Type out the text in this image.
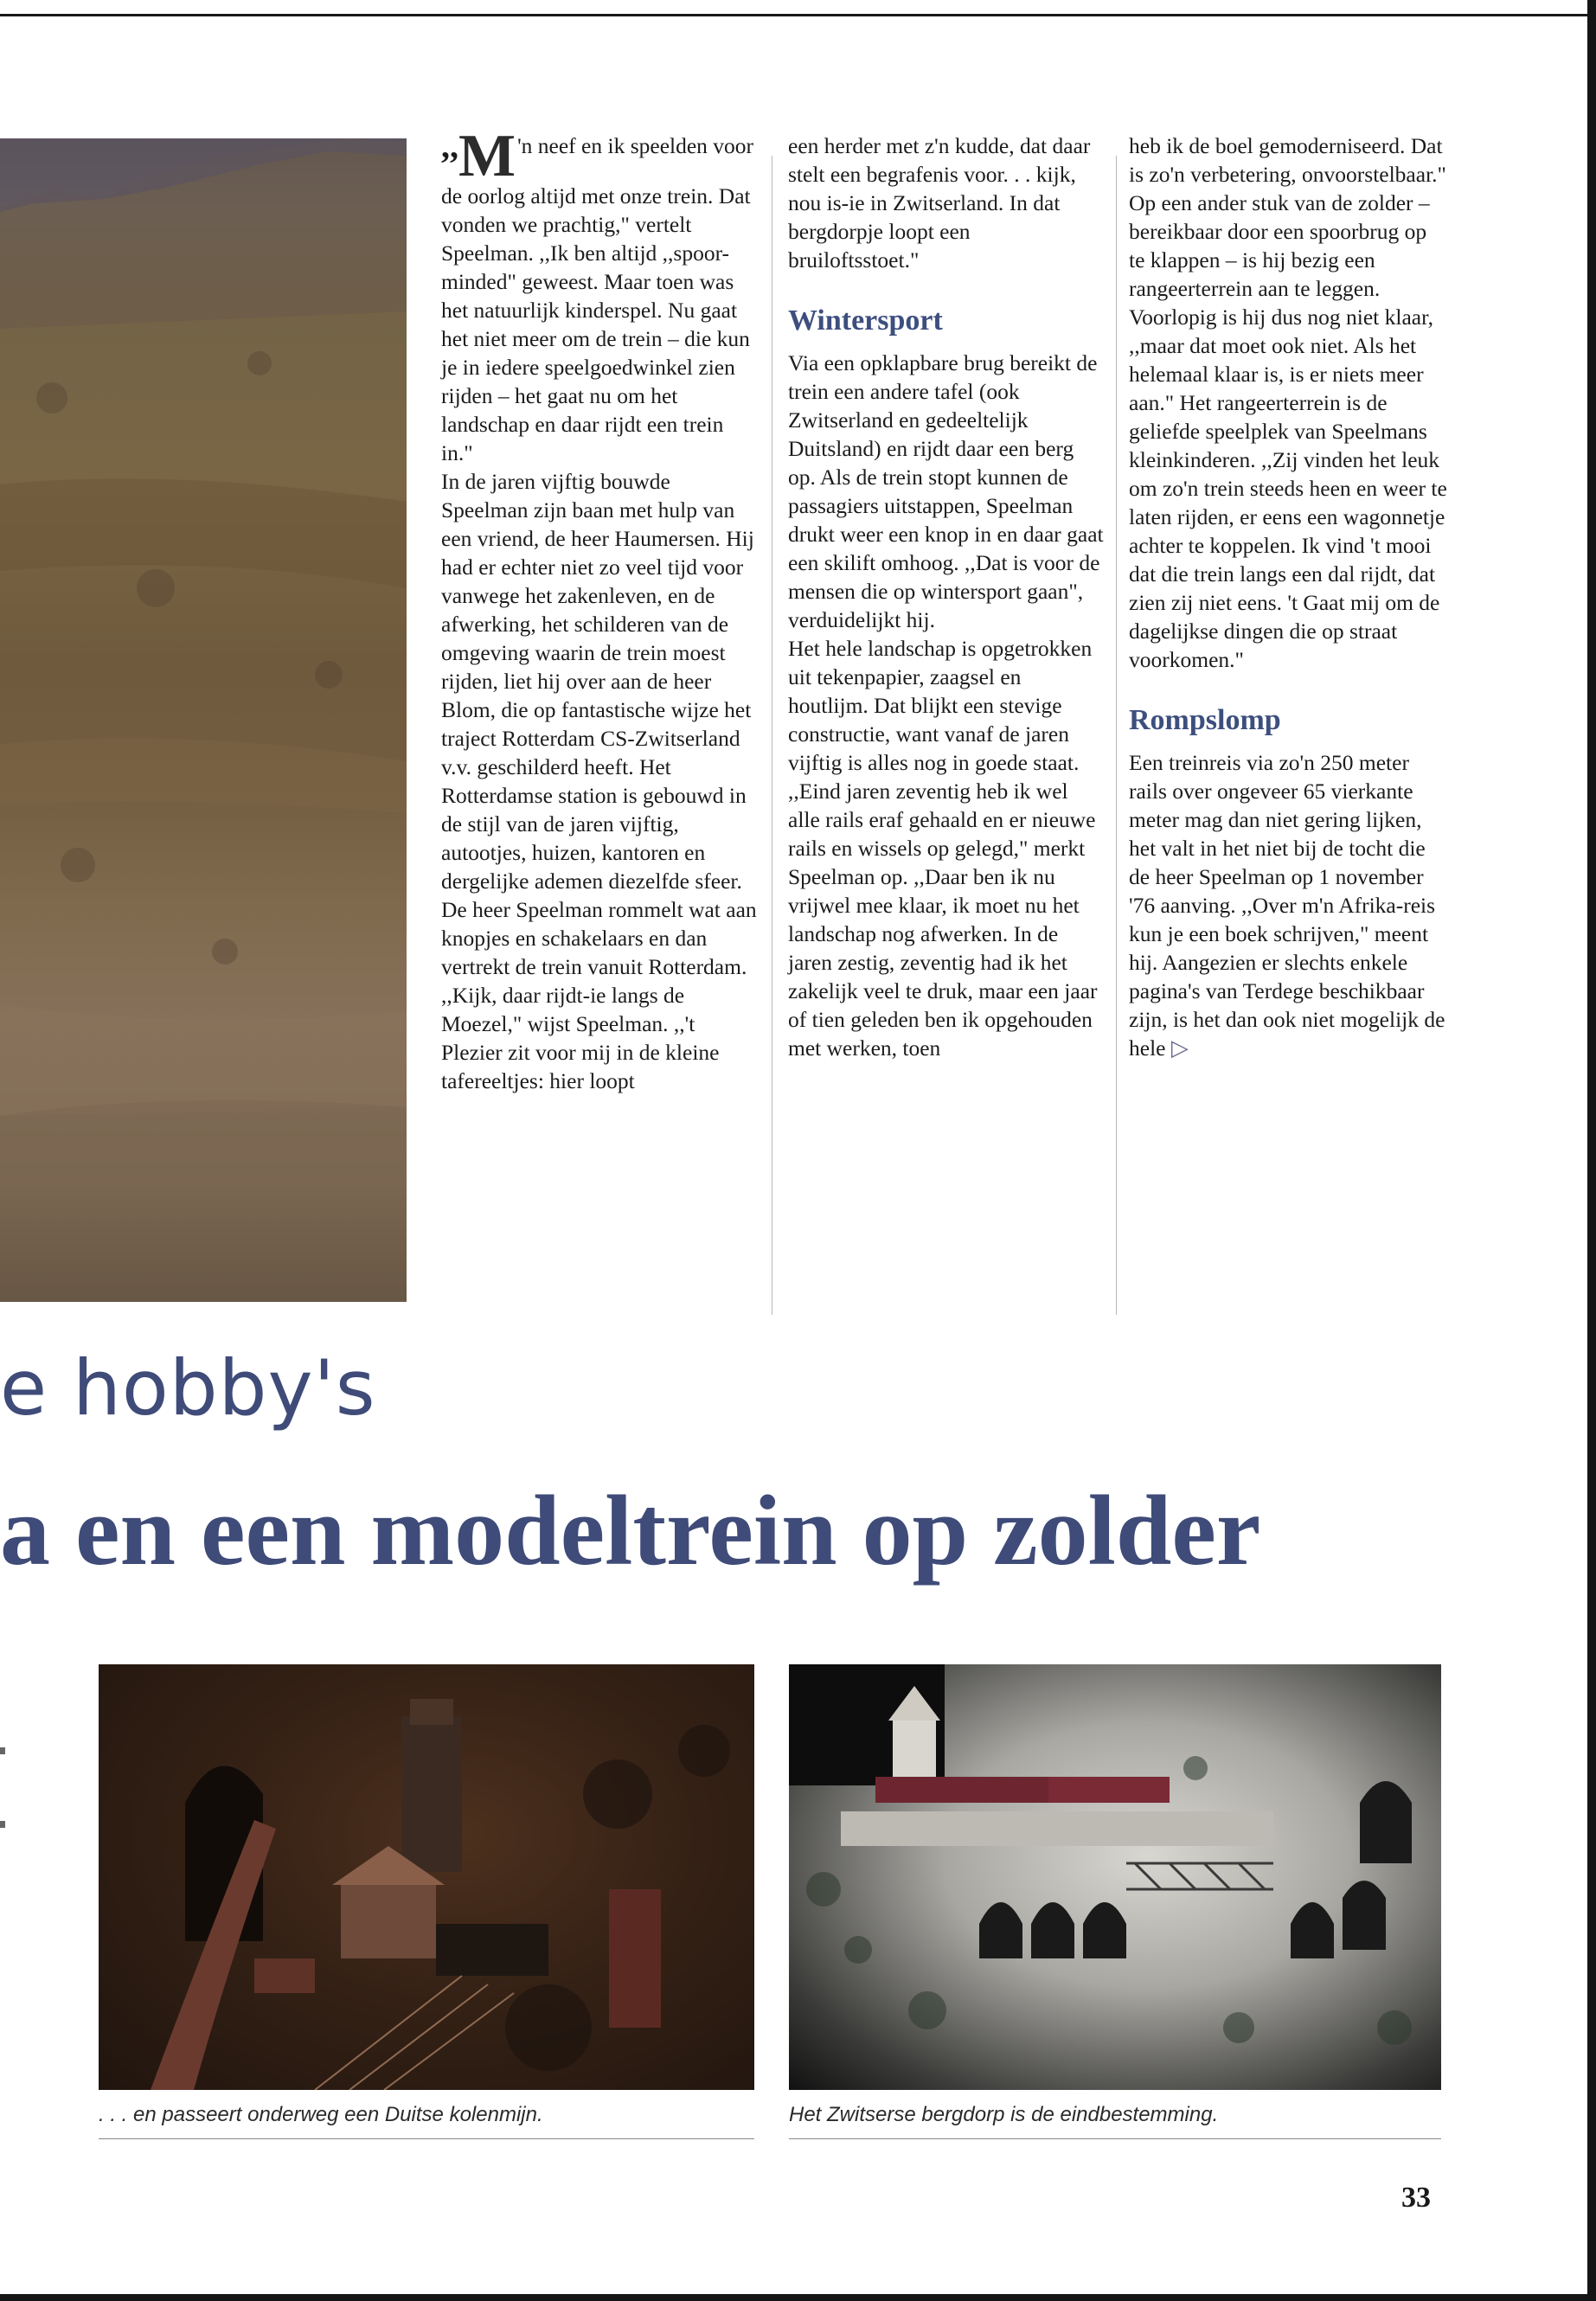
,,M'n neef en ik speelden voor de oorlog altijd met onze trein. Dat vonden we prachtig," vertelt Speelman. ,,Ik ben altijd ,,spoor-minded" geweest. Maar toen was het natuurlijk kinderspel. Nu gaat het niet meer om de trein – die kun je in iedere speelgoedwinkel zien rijden – het gaat nu om het landschap en daar rijdt een trein in."

In de jaren vijftig bouwde Speelman zijn baan met hulp van een vriend, de heer Haumersen. Hij had er echter niet zo veel tijd voor vanwege het zakenleven, en de afwerking, het schilderen van de omgeving waarin de trein moest rijden, liet hij over aan de heer Blom, die op fantastische wijze het traject Rotterdam CS-Zwitserland v.v. geschilderd heeft. Het Rotterdamse station is gebouwd in de stijl van de jaren vijftig, autootjes, huizen, kantoren en dergelijke ademen diezelfde sfeer.

De heer Speelman rommelt wat aan knopjes en schakelaars en dan vertrekt de trein vanuit Rotterdam. ,,Kijk, daar rijdt-ie langs de Moezel," wijst Speelman. ,,'t Plezier zit voor mij in de kleine tafereeltjes: hier loopt

een herder met z'n kudde, dat daar stelt een begrafenis voor. . . kijk, nou is-ie in Zwitserland. In dat bergdorpje loopt een bruiloftsstoet."

Wintersport

Via een opklapbare brug bereikt de trein een andere tafel (ook Zwitserland en gedeeltelijk Duitsland) en rijdt daar een berg op. Als de trein stopt kunnen de passagiers uitstappen, Speelman drukt weer een knop in en daar gaat een skilift omhoog. ,,Dat is voor de mensen die op wintersport gaan", verduidelijkt hij.

Het hele landschap is opgetrokken uit tekenpapier, zaagsel en houtlijm. Dat blijkt een stevige constructie, want vanaf de jaren vijftig is alles nog in goede staat. ,,Eind jaren zeventig heb ik wel alle rails eraf gehaald en er nieuwe rails en wissels op gelegd," merkt Speelman op. ,,Daar ben ik nu vrijwel mee klaar, ik moet nu het landschap nog afwerken. In de jaren zestig, zeventig had ik het zakelijk veel te druk, maar een jaar of tien geleden ben ik opgehouden met werken, toen

heb ik de boel gemoderniseerd. Dat is zo'n verbetering, onvoorstelbaar."

Op een ander stuk van de zolder – bereikbaar door een spoorbrug op te klappen – is hij bezig een rangeerterrein aan te leggen. Voorlopig is hij dus nog niet klaar, ,,maar dat moet ook niet. Als het helemaal klaar is, is er niets meer aan." Het rangeerterrein is de geliefde speelplek van Speelmans kleinkinderen. ,,Zij vinden het leuk om zo'n trein steeds heen en weer te laten rijden, er eens een wagonnetje achter te koppelen. Ik vind 't mooi dat die trein langs een dal rijdt, dat zien zij niet eens. 't Gaat mij om de dagelijkse dingen die op straat voorkomen."

Rompslomp

Een treinreis via zo'n 250 meter rails over ongeveer 65 vierkante meter mag dan niet gering lijken, het valt in het niet bij de tocht die de heer Speelman op 1 november '76 aanving. ,,Over m'n Afrika-reis kun je een boek schrijven," meent hij. Aangezien er slechts enkele pagina's van Terdege beschikbaar zijn, is het dan ook niet mogelijk de hele ▷

e hobby's
a en een modeltrein op zolder
. . . en passeert onderweg een Duitse kolenmijn.	Het Zwitserse bergdorp is de eindbestemming.
33
